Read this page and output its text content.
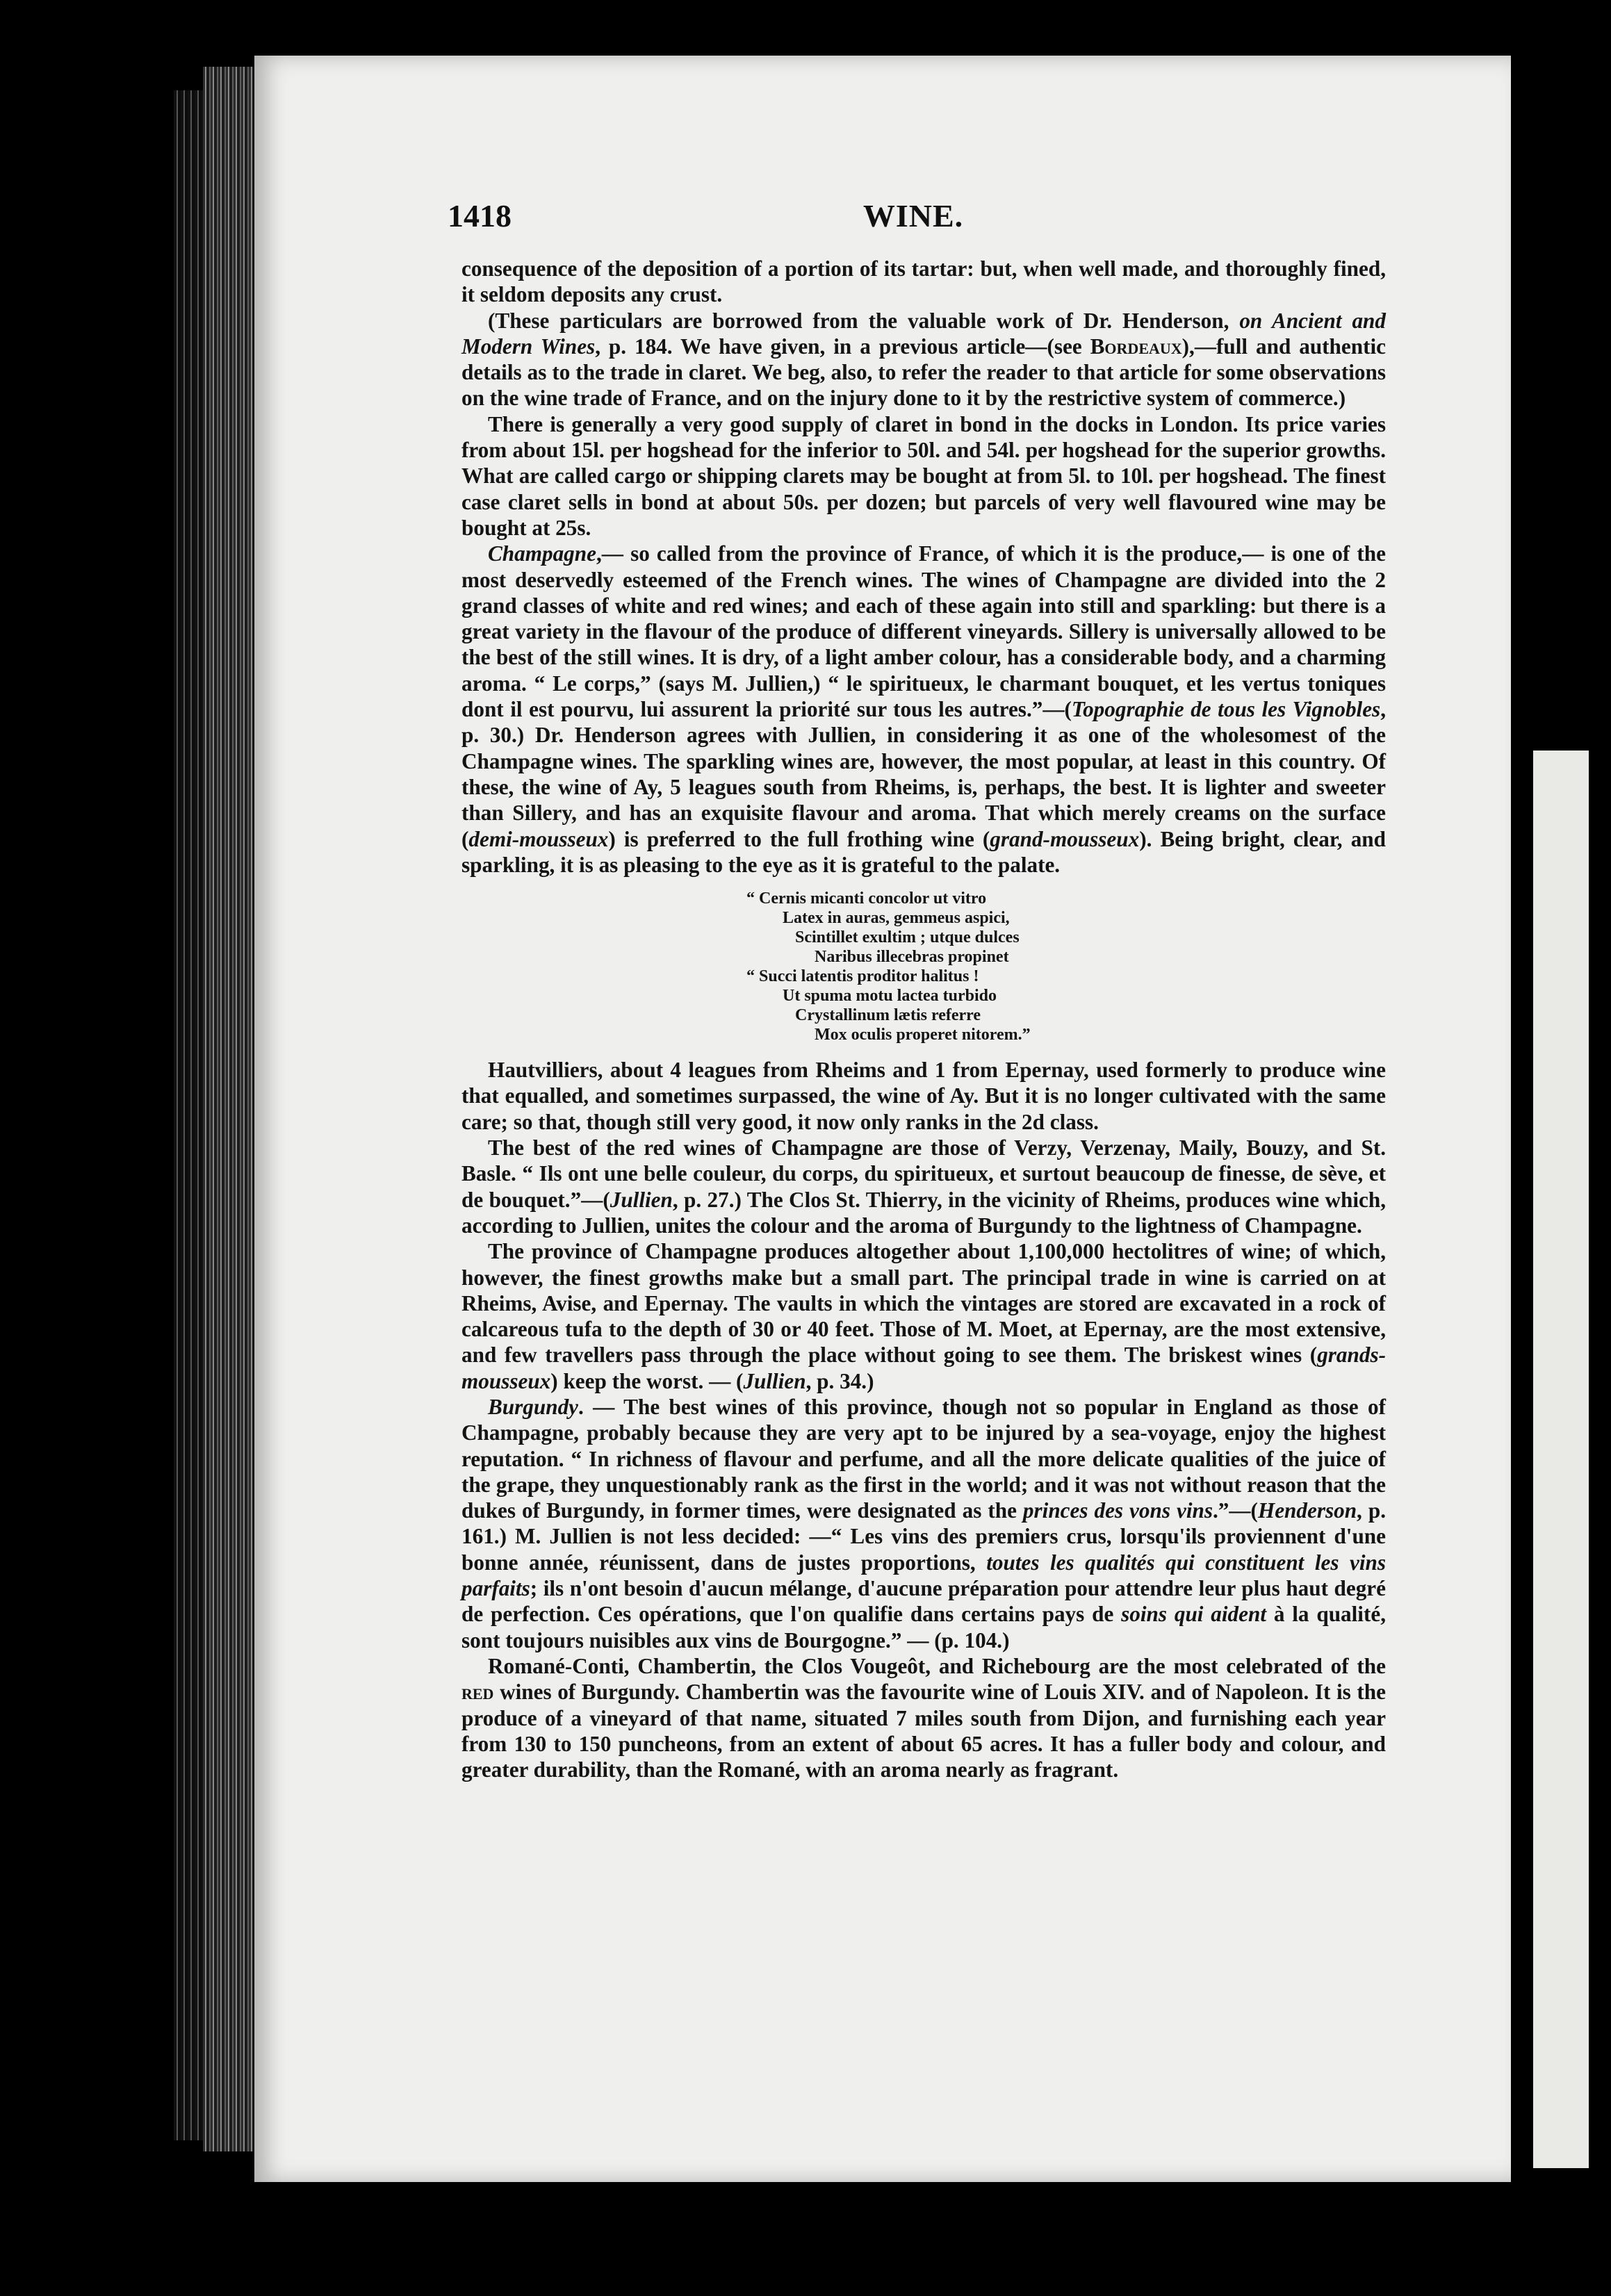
1418	WINE.

consequence of the deposition of a portion of its tartar: but, when well made, and thoroughly fined, it seldom deposits any crust.

(These particulars are borrowed from the valuable work of Dr. Henderson, on Ancient and Modern Wines, p. 184. We have given, in a previous article—(see Bordeaux),—full and authentic details as to the trade in claret. We beg, also, to refer the reader to that article for some observations on the wine trade of France, and on the injury done to it by the restrictive system of commerce.)

There is generally a very good supply of claret in bond in the docks in London. Its price varies from about 15l. per hogshead for the inferior to 50l. and 54l. per hogshead for the superior growths. What are called cargo or shipping clarets may be bought at from 5l. to 10l. per hogshead. The finest case claret sells in bond at about 50s. per dozen; but parcels of very well flavoured wine may be bought at 25s.

Champagne,— so called from the province of France, of which it is the produce,— is one of the most deservedly esteemed of the French wines. The wines of Champagne are divided into the 2 grand classes of white and red wines; and each of these again into still and sparkling: but there is a great variety in the flavour of the produce of different vineyards. Sillery is universally allowed to be the best of the still wines. It is dry, of a light amber colour, has a considerable body, and a charming aroma. “ Le corps,” (says M. Jullien,) “ le spiritueux, le charmant bouquet, et les vertus toniques dont il est pourvu, lui assurent la priorité sur tous les autres.”—(Topographie de tous les Vignobles, p. 30.) Dr. Henderson agrees with Jullien, in considering it as one of the wholesomest of the Champagne wines. The sparkling wines are, however, the most popular, at least in this country. Of these, the wine of Ay, 5 leagues south from Rheims, is, perhaps, the best. It is lighter and sweeter than Sillery, and has an exquisite flavour and aroma. That which merely creams on the surface (demi-mousseux) is preferred to the full frothing wine (grand-mousseux). Being bright, clear, and sparkling, it is as pleasing to the eye as it is grateful to the palate.

“ Cernis micanti concolor ut vitro
Latex in auras, gemmeus aspici,
Scintillet exultim ; utque dulces
Naribus illecebras propinet
“ Succi latentis proditor halitus !
Ut spuma motu lactea turbido
Crystallinum lætis referre
Mox oculis properet nitorem.”

Hautvilliers, about 4 leagues from Rheims and 1 from Epernay, used formerly to produce wine that equalled, and sometimes surpassed, the wine of Ay. But it is no longer cultivated with the same care; so that, though still very good, it now only ranks in the 2d class.

The best of the red wines of Champagne are those of Verzy, Verzenay, Maily, Bouzy, and St. Basle. “ Ils ont une belle couleur, du corps, du spiritueux, et surtout beaucoup de finesse, de sève, et de bouquet.”—(Jullien, p. 27.) The Clos St. Thierry, in the vicinity of Rheims, produces wine which, according to Jullien, unites the colour and the aroma of Burgundy to the lightness of Champagne.

The province of Champagne produces altogether about 1,100,000 hectolitres of wine; of which, however, the finest growths make but a small part. The principal trade in wine is carried on at Rheims, Avise, and Epernay. The vaults in which the vintages are stored are excavated in a rock of calcareous tufa to the depth of 30 or 40 feet. Those of M. Moet, at Epernay, are the most extensive, and few travellers pass through the place without going to see them. The briskest wines (grands-mousseux) keep the worst. — (Jullien, p. 34.)

Burgundy. — The best wines of this province, though not so popular in England as those of Champagne, probably because they are very apt to be injured by a sea-voyage, enjoy the highest reputation. “ In richness of flavour and perfume, and all the more delicate qualities of the juice of the grape, they unquestionably rank as the first in the world; and it was not without reason that the dukes of Burgundy, in former times, were designated as the princes des vons vins.”—(Henderson, p. 161.) M. Jullien is not less decided: —“ Les vins des premiers crus, lorsqu'ils proviennent d'une bonne année, réunissent, dans de justes proportions, toutes les qualités qui constituent les vins parfaits; ils n'ont besoin d'aucun mélange, d'aucune préparation pour attendre leur plus haut degré de perfection. Ces opérations, que l'on qualifie dans certains pays de soins qui aident à la qualité, sont toujours nuisibles aux vins de Bourgogne.” — (p. 104.)

Romané-Conti, Chambertin, the Clos Vougeôt, and Richebourg are the most celebrated of the red wines of Burgundy. Chambertin was the favourite wine of Louis XIV. and of Napoleon. It is the produce of a vineyard of that name, situated 7 miles south from Dijon, and furnishing each year from 130 to 150 puncheons, from an extent of about 65 acres. It has a fuller body and colour, and greater durability, than the Romané, with an aroma nearly as fragrant.
